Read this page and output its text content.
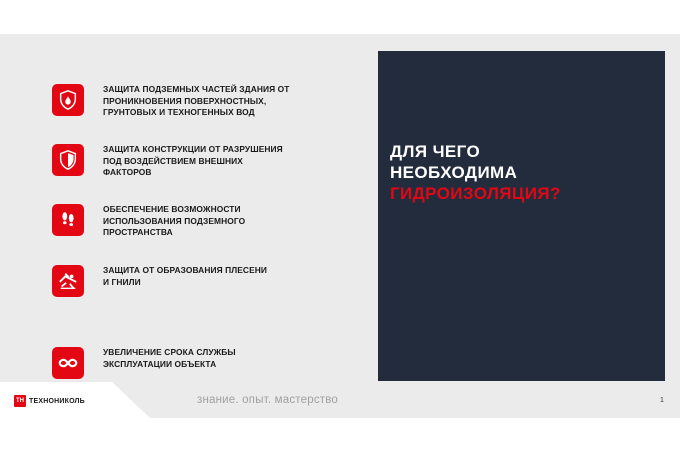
ЗАЩИТА ПОДЗЕМНЫХ ЧАСТЕЙ ЗДАНИЯ ОТ
ПРОНИКНОВЕНИЯ ПОВЕРХНОСТНЫХ,
ГРУНТОВЫХ И ТЕХНОГЕННЫХ ВОД
ЗАЩИТА КОНСТРУКЦИИ ОТ РАЗРУШЕНИЯ
ПОД ВОЗДЕЙСТВИЕМ ВНЕШНИХ
ФАКТОРОВ
ОБЕСПЕЧЕНИЕ ВОЗМОЖНОСТИ
ИСПОЛЬЗОВАНИЯ ПОДЗЕМНОГО
ПРОСТРАНСТВА
ЗАЩИТА ОТ ОБРАЗОВАНИЯ ПЛЕСЕНИ
И ГНИЛИ
УВЕЛИЧЕНИЕ СРОКА СЛУЖБЫ
ЭКСПЛУАТАЦИИ ОБЪЕКТА
ДЛЯ ЧЕГО
НЕОБХОДИМА
ГИДРОИЗОЛЯЦИЯ?
ТН ТЕХНОНИКОЛЬ	знание. опыт. мастерство	1
